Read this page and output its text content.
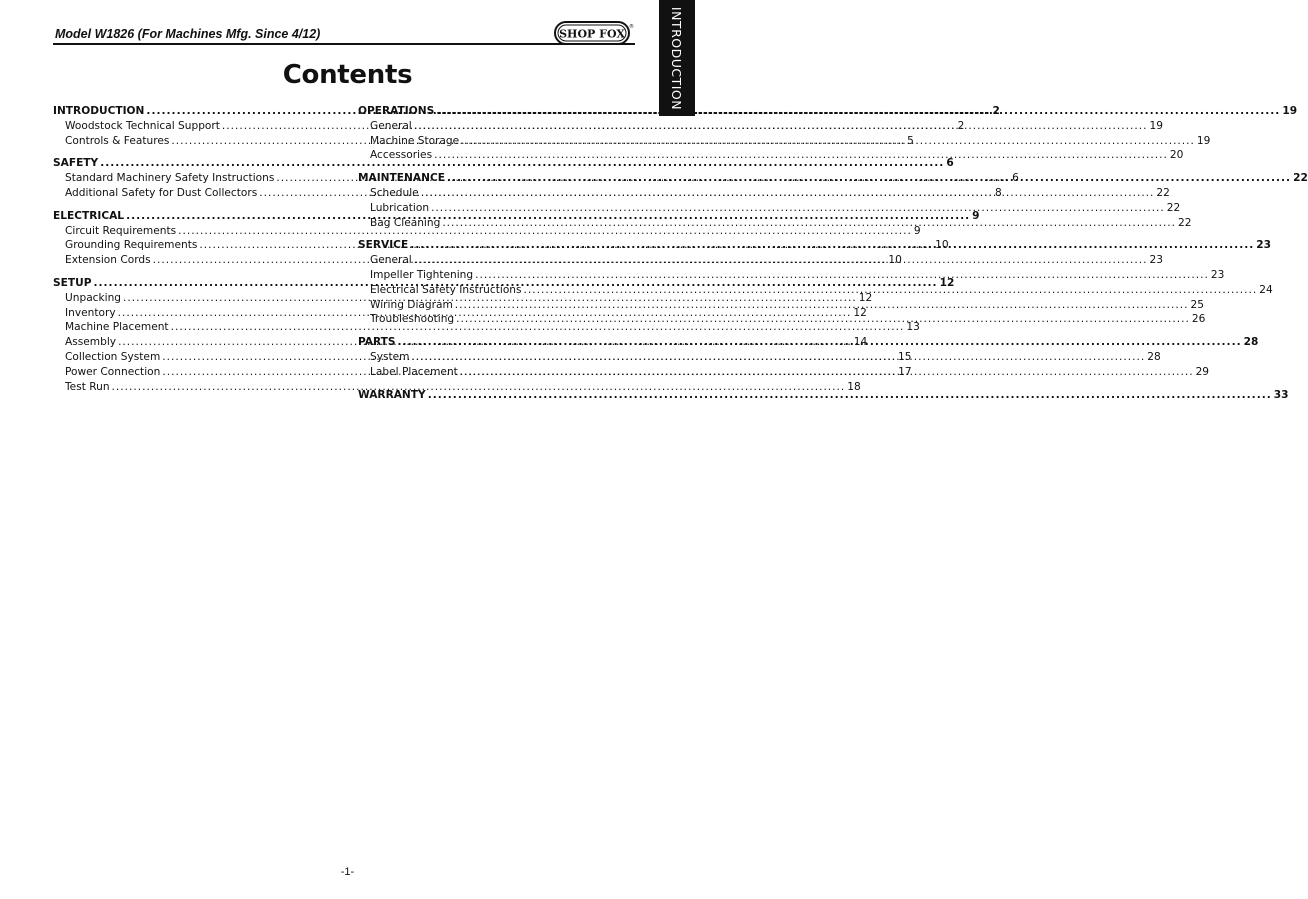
Model W1826 (For Machines Mfg. Since 4/12)	SHOP FOX
®	INTRODUCTION
Contents
INTRODUCTION .....	2
Woodstock Technical Support .....	2
Controls & Features .....	5
SAFETY .....	6
Standard Machinery Safety Instructions .....	6
Additional Safety for Dust Collectors .....	8
ELECTRICAL .....	9
Circuit Requirements .....	9
Grounding Requirements .....	10
Extension Cords .....	10
SETUP .....	12
Unpacking .....	12
Inventory .....	12
Machine Placement .....	13
Assembly .....	14
Collection System .....	15
Power Connection .....	17
Test Run .....	18
OPERATIONS .....	19
General .....	19
Machine Storage .....	19
Accessories .....	20
MAINTENANCE .....	22
Schedule .....	22
Lubrication .....	22
Bag Cleaning .....	22
SERVICE .....	23
General .....	23
Impeller Tightening .....	23
Electrical Safety Instructions .....	24
Wiring Diagram .....	25
Troubleshooting .....	26
PARTS .....	28
System .....	28
Label Placement .....	29
WARRANTY .....	33
-1-
